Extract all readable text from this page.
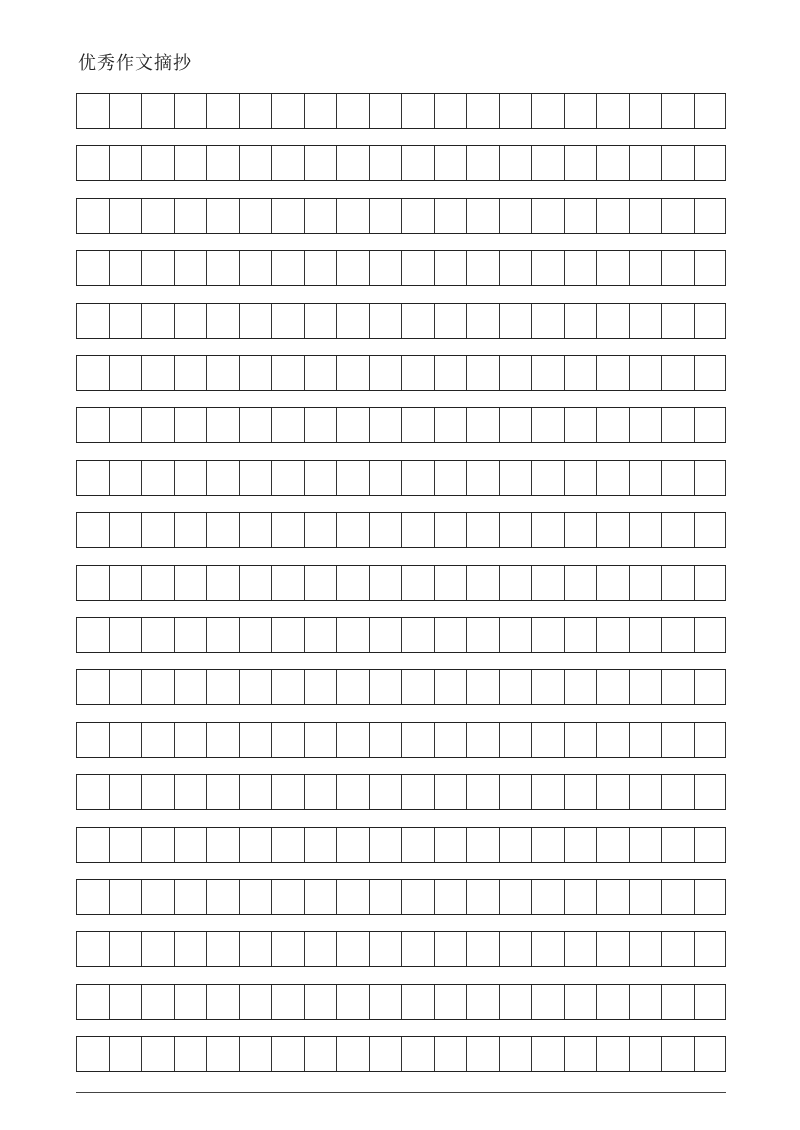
优秀作文摘抄
